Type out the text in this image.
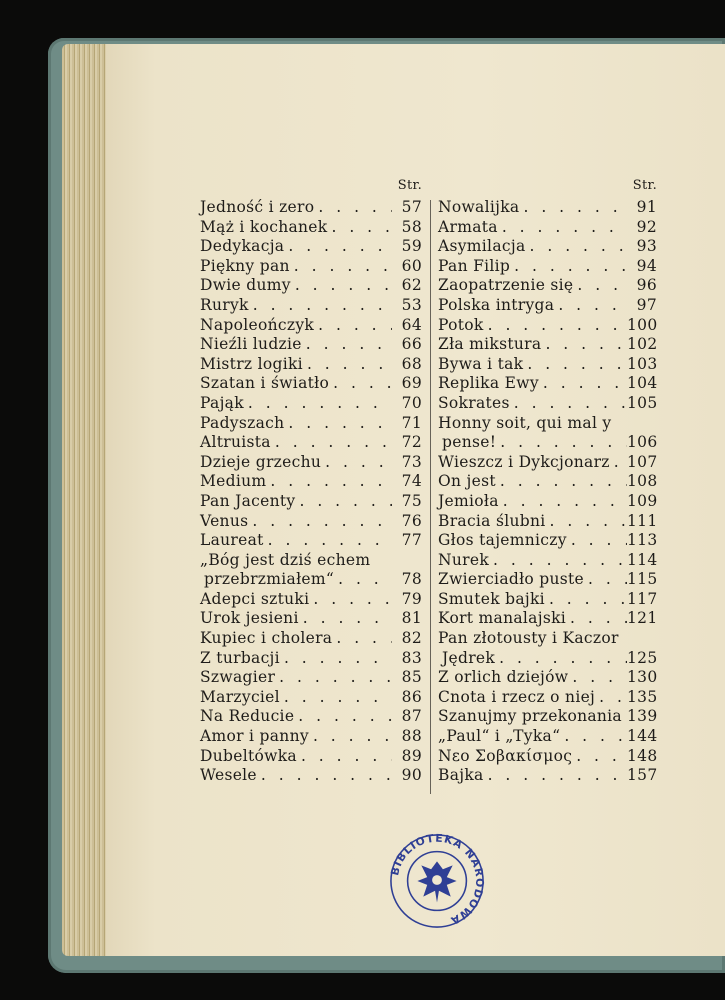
Str.
Jedność i zero . . .	57
Mąż i kochanek . . .	58
Dedykacja . . .	59
Piękny pan . . .	60
Dwie dumy . . .	62
Ruryk . . .	53
Napoleończyk . . .	64
Nieźli ludzie . . .	66
Mistrz logiki . . .	68
Szatan i światło . . .	69
Pająk . . .	70
Padyszach . . .	71
Altruista . . .	72
Dzieje grzechu . . .	73
Medium . . .	74
Pan Jacenty . . .	75
Venus . . .	76
Laureat . . .	77
„Bóg jest dziś echem
przebrzmiałem“ . . .	78
Adepci sztuki . . .	79
Urok jesieni . . .	81
Kupiec i cholera . . .	82
Z turbacji . . .	83
Szwagier . . .	85
Marzyciel . . .	86
Na Reducie . . .	87
Amor i panny . . .	88
Dubeltówka . . .	89
Wesele . . .	90
Str.
Nowalijka . . .	91
Armata . . .	92
Asymilacja . . .	93
Pan Filip . . .	94
Zaopatrzenie się . . .	96
Polska intryga . . .	97
Potok . . .	100
Zła mikstura . . .	102
Bywa i tak . . .	103
Replika Ewy . . .	104
Sokrates . . .	105
Honny soit, qui mal y
pense! . . .	106
Wieszcz i Dykcjonarz . . . 107
On jest . . .	108
Jemioła . . .	109
Bracia ślubni . . .	111
Głos tajemniczy . . .	113
Nurek . . .	114
Zwierciadło puste . . .	115
Smutek bajki . . .	117
Kort manalajski . . .	121
Pan złotousty i Kaczor
Jędrek . . .	125
Z orlich dziejów . . .	130
Cnota i rzecz o niej . . . 135
Szanujmy przekonania . . . 139
„Paul“ i „Tyka“ . . .	144
Νεο Σοβακίσμος . . .	148
Bajka . . .	157
BIBLIOTEKA NARODOWA
